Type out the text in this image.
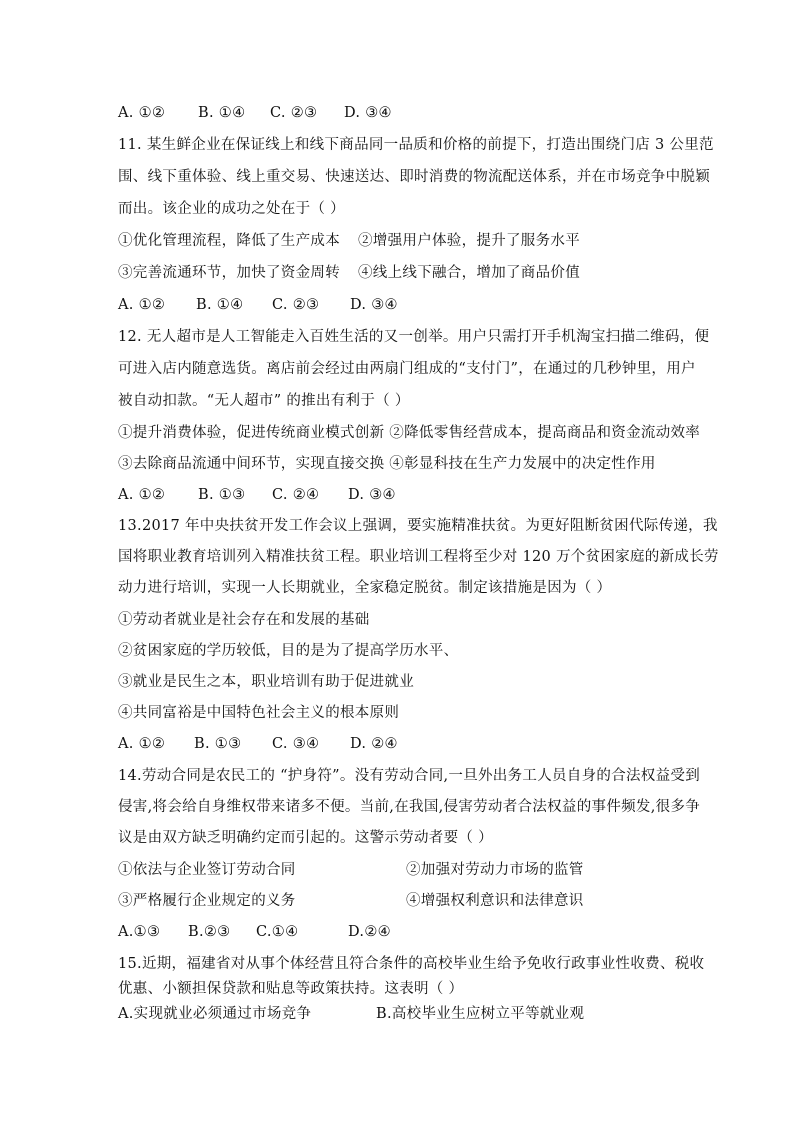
A. ①② B. ①④ C. ②③ D. ③④
11. 某生鲜企业在保证线上和线下商品同一品质和价格的前提下，打造出围绕门店 3 公里范
围、线下重体验、线上重交易、快速送达、即时消费的物流配送体系，并在市场竞争中脱颖
而出。该企业的成功之处在于（ ）
①优化管理流程，降低了生产成本 ②增强用户体验，提升了服务水平
③完善流通环节，加快了资金周转 ④线上线下融合，增加了商品价值
A. ①② B. ①④ C. ②③ D. ③④
12. 无人超市是人工智能走入百姓生活的又一创举。用户只需打开手机淘宝扫描二维码，便
可进入店内随意选货。离店前会经过由两扇门组成的“支付门”，在通过的几秒钟里，用户
被自动扣款。“无人超市” 的推出有利于（ ）
①提升消费体验，促进传统商业模式创新 ②降低零售经营成本，提高商品和资金流动效率
③去除商品流通中间环节，实现直接交换 ④彰显科技在生产力发展中的决定性作用
A. ①② B. ①③ C. ②④ D. ③④
13.2017 年中央扶贫开发工作会议上强调，要实施精准扶贫。为更好阻断贫困代际传递，我
国将职业教育培训列入精准扶贫工程。职业培训工程将至少对 120 万个贫困家庭的新成长劳
动力进行培训，实现一人长期就业，全家稳定脱贫。制定该措施是因为（ ）
①劳动者就业是社会存在和发展的基础
②贫困家庭的学历较低，目的是为了提高学历水平、
③就业是民生之本，职业培训有助于促进就业
④共同富裕是中国特色社会主义的根本原则
A. ①② B. ①③ C. ③④ D. ②④
14.劳动合同是农民工的 “护身符”。没有劳动合同,一旦外出务工人员自身的合法权益受到
侵害,将会给自身维权带来诸多不便。当前,在我国,侵害劳动者合法权益的事件频发,很多争
议是由双方缺乏明确约定而引起的。这警示劳动者要（ ）
①依法与企业签订劳动合同	②加强对劳动力市场的监管
③严格履行企业规定的义务	④增强权利意识和法律意识
A.①③ B.②③ C.①④	D.②④
15.近期，福建省对从事个体经营且符合条件的高校毕业生给予免收行政事业性收费、税收
优惠、小额担保贷款和贴息等政策扶持。这表明（ ）
A.实现就业必须通过市场竞争	B.高校毕业生应树立平等就业观
